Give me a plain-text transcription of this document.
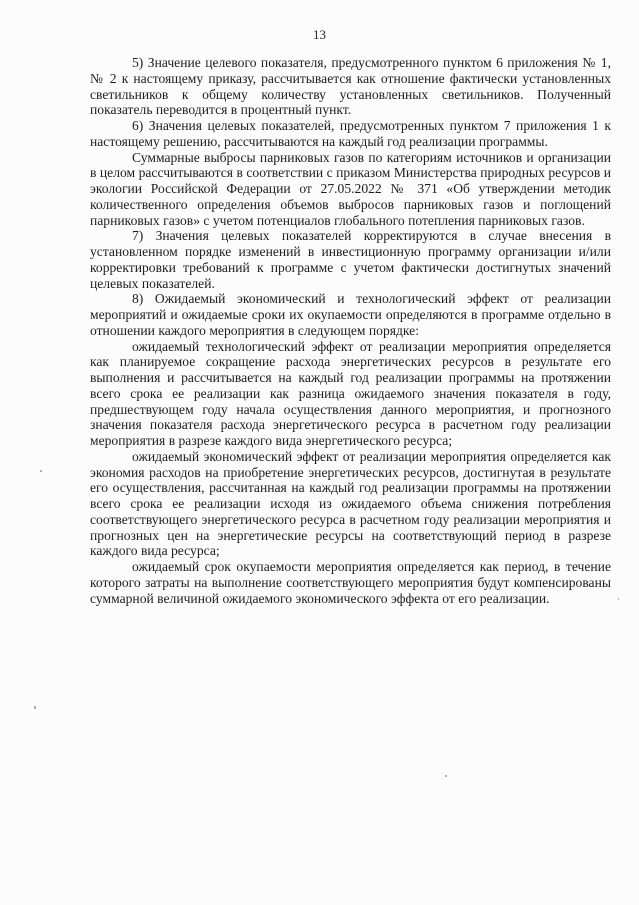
13

5) Значение целевого показателя, предусмотренного пунктом 6 приложения № 1, № 2 к настоящему приказу, рассчитывается как отношение фактически установленных светильников к общему количеству установленных светильников. Полученный показатель переводится в процентный пункт.

6) Значения целевых показателей, предусмотренных пунктом 7 приложения 1 к настоящему решению, рассчитываются на каждый год реализации программы.

Суммарные выбросы парниковых газов по категориям источников и организации в целом рассчитываются в соответствии с приказом Министерства природных ресурсов и экологии Российской Федерации от 27.05.2022 № 371 «Об утверждении методик количественного определения объемов выбросов парниковых газов и поглощений парниковых газов» с учетом потенциалов глобального потепления парниковых газов.

7) Значения целевых показателей корректируются в случае внесения в установленном порядке изменений в инвестиционную программу организации и/или корректировки требований к программе с учетом фактически достигнутых значений целевых показателей.

8) Ожидаемый экономический и технологический эффект от реализации мероприятий и ожидаемые сроки их окупаемости определяются в программе отдельно в отношении каждого мероприятия в следующем порядке:

ожидаемый технологический эффект от реализации мероприятия определяется как планируемое сокращение расхода энергетических ресурсов в результате его выполнения и рассчитывается на каждый год реализации программы на протяжении всего срока ее реализации как разница ожидаемого значения показателя в году, предшествующем году начала осуществления данного мероприятия, и прогнозного значения показателя расхода энергетического ресурса в расчетном году реализации мероприятия в разрезе каждого вида энергетического ресурса;

ожидаемый экономический эффект от реализации мероприятия определяется как экономия расходов на приобретение энергетических ресурсов, достигнутая в результате его осуществления, рассчитанная на каждый год реализации программы на протяжении всего срока ее реализации исходя из ожидаемого объема снижения потребления соответствующего энергетического ресурса в расчетном году реализации мероприятия и прогнозных цен на энергетические ресурсы на соответствующий период в разрезе каждого вида ресурса;

ожидаемый срок окупаемости мероприятия определяется как период, в течение которого затраты на выполнение соответствующего мероприятия будут компенсированы суммарной величиной ожидаемого экономического эффекта от его реализации.
